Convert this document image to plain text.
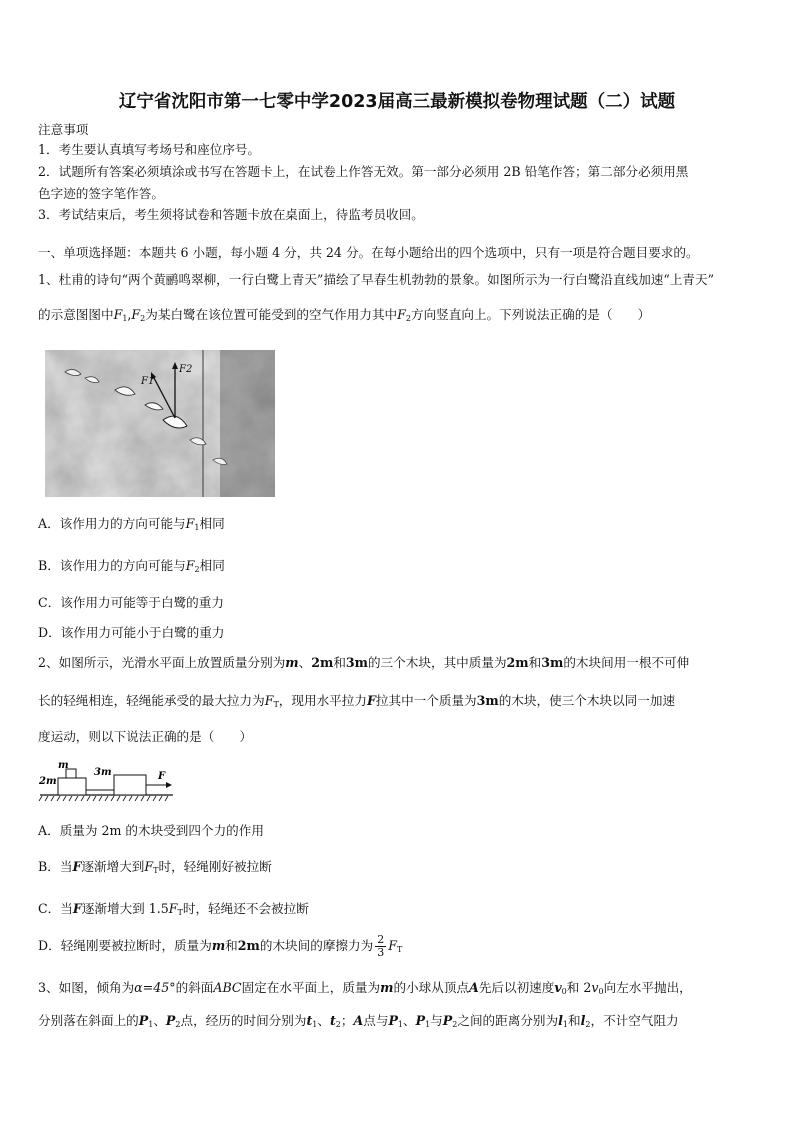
辽宁省沈阳市第一七零中学2023届高三最新模拟卷物理试题（二）试题
注意事项
1．考生要认真填写考场号和座位序号。
2．试题所有答案必须填涂或书写在答题卡上，在试卷上作答无效。第一部分必须用 2B 铅笔作答；第二部分必须用黑
色字迹的签字笔作答。
3．考试结束后，考生须将试卷和答题卡放在桌面上，待监考员收回。
一、单项选择题：本题共 6 小题，每小题 4 分，共 24 分。在每小题给出的四个选项中，只有一项是符合题目要求的。
1、杜甫的诗句“两个黄鹂鸣翠柳，一行白鹭上青天”描绘了早春生机勃勃的景象。如图所示为一行白鹭沿直线加速“上青天”
的示意图图中$F_1,F_2$为某白鹭在该位置可能受到的空气作用力其中$F_2$方向竖直向上。下列说法正确的是（　　）
F1
F2
A．该作用力的方向可能与$F_1$相同
B．该作用力的方向可能与$F_2$相同
C．该作用力可能等于白鹭的重力
D．该作用力可能小于白鹭的重力
2、如图所示，光滑水平面上放置质量分别为m、2m和3m的三个木块，其中质量为2m和3m的木块间用一根不可伸
长的轻绳相连，轻绳能承受的最大拉力为$F_T$，现用水平拉力F拉其中一个质量为3m的木块，使三个木块以同一加速
度运动，则以下说法正确的是（　　）
m
2m
3m	F
A．质量为 2m 的木块受到四个力的作用
B．当F逐渐增大到$F_T$时，轻绳刚好被拉断
C．当F逐渐增大到 $1.5F_T$时，轻绳还不会被拉断
D．轻绳刚要被拉断时，质量为m和2m的木块间的摩擦力为 $\frac{2}{3} F_T$
3、如图，倾角为α=45°的斜面ABC固定在水平面上，质量为m的小球从顶点A先后以初速度$v_0$和 $2v_0$向左水平抛出，
分别落在斜面上的$P_1$、$P_2$点，经历的时间分别为$t_1$、$t_2$；A点与$P_1$、$P_1$与$P_2$之间的距离分别为$l_1$和$l_2$，不计空气阻力
